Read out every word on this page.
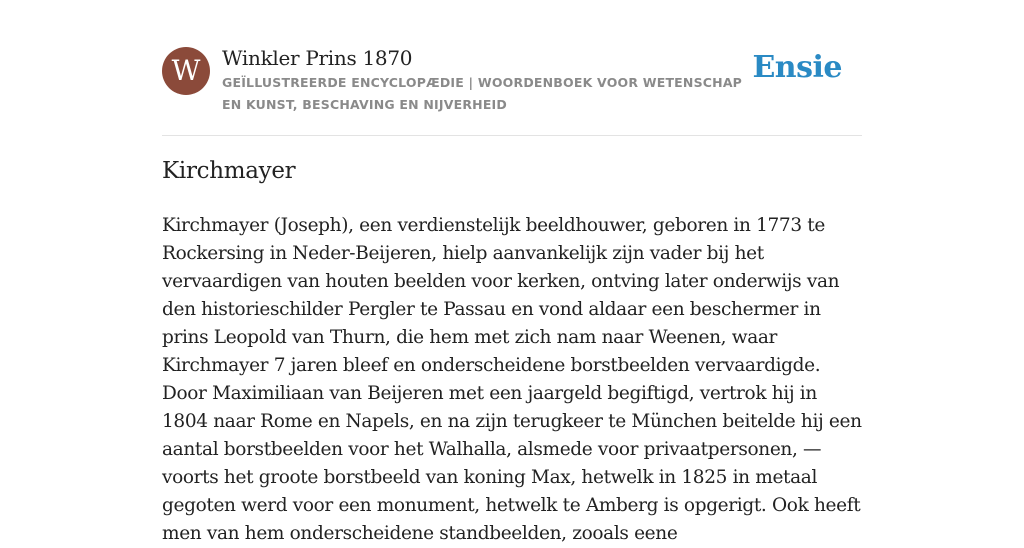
W	Winkler Prins 1870
GEÏLLUSTREERDE ENCYCLOPÆDIE | WOORDENBOEK VOOR WETENSCHAP EN KUNST, BESCHAVING EN NIJVERHEID
Ensie
Kirchmayer

Kirchmayer (Joseph), een verdienstelijk beeldhouwer, geboren in 1773 te Rockersing in Neder-Beijeren, hielp aanvankelijk zijn vader bij het vervaardigen van houten beelden voor kerken, ontving later onderwijs van den historieschilder Pergler te Passau en vond aldaar een beschermer in prins Leopold van Thurn, die hem met zich nam naar Weenen, waar Kirchmayer 7 jaren bleef en onderscheidene borstbeelden vervaardigde. Door Maximiliaan van Beijeren met een jaargeld begiftigd, vertrok hij in 1804 naar Rome en Napels, en na zijn terugkeer te München beitelde hij een aantal borstbeelden voor het Walhalla, alsmede voor privaatpersonen, — voorts het groote borstbeeld van koning Max, hetwelk in 1825 in metaal gegoten werd voor een monument, hetwelk te Amberg is opgerigt. Ook heeft men van hem onderscheidene standbeelden, zooals eene
